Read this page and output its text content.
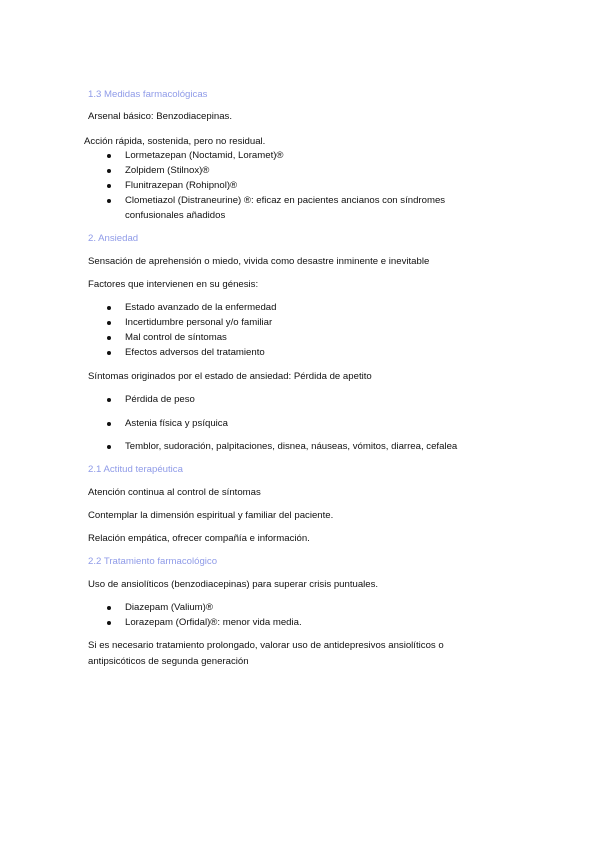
1.3 Medidas farmacológicas
Arsenal básico: Benzodiacepinas.
Acción rápida, sostenida, pero no residual.
Lormetazepan (Noctamid, Loramet)®
Zolpidem (Stilnox)®
Flunitrazepan (Rohipnol)®
Clometiazol (Distraneurine) ®: eficaz en pacientes ancianos con síndromes
confusionales añadidos
2. Ansiedad
Sensación de aprehensión o miedo, vivida como desastre inminente e inevitable
Factores que intervienen en su génesis:
Estado avanzado de la enfermedad
Incertidumbre personal y/o familiar
Mal control de síntomas
Efectos adversos del tratamiento
Síntomas originados por el estado de ansiedad: Pérdida de apetito
Pérdida de peso
Astenia física y psíquica
Temblor, sudoración, palpitaciones, disnea, náuseas, vómitos, diarrea, cefalea
2.1 Actitud terapéutica
Atención continua al control de síntomas
Contemplar la dimensión espiritual y familiar del paciente.
Relación empática, ofrecer compañía e información.
2.2 Tratamiento farmacológico
Uso de ansiolíticos (benzodiacepinas) para superar crisis puntuales.
Diazepam (Valium)®
Lorazepam (Orfidal)®: menor vida media.
Si es necesario tratamiento prolongado, valorar uso de antidepresivos ansiolíticos o
antipsicóticos de segunda generación
